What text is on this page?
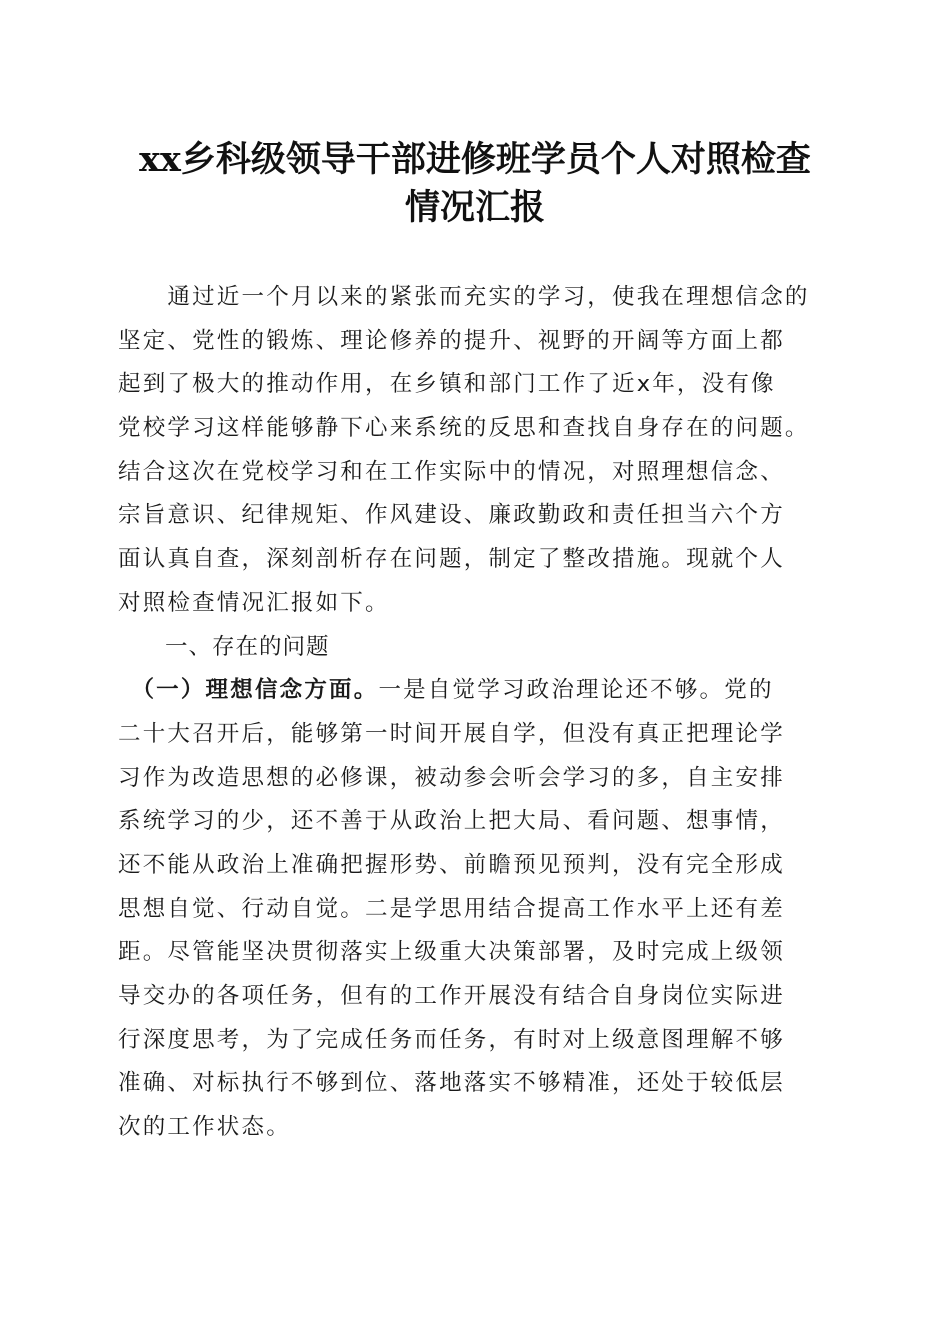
xx乡科级领导干部进修班学员个人对照检查
情况汇报
　　通过近一个月以来的紧张而充实的学习，使我在理想信念的
坚定、党性的锻炼、理论修养的提升、视野的开阔等方面上都
起到了极大的推动作用，在乡镇和部门工作了近x年，没有像
党校学习这样能够静下心来系统的反思和查找自身存在的问题。
结合这次在党校学习和在工作实际中的情况，对照理想信念、
宗旨意识、纪律规矩、作风建设、廉政勤政和责任担当六个方
面认真自查，深刻剖析存在问题，制定了整改措施。现就个人
对照检查情况汇报如下。
　　一、存在的问题
　（一）理想信念方面。一是自觉学习政治理论还不够。党的
二十大召开后，能够第一时间开展自学，但没有真正把理论学
习作为改造思想的必修课，被动参会听会学习的多，自主安排
系统学习的少，还不善于从政治上把大局、看问题、想事情，
还不能从政治上准确把握形势、前瞻预见预判，没有完全形成
思想自觉、行动自觉。二是学思用结合提高工作水平上还有差
距。尽管能坚决贯彻落实上级重大决策部署，及时完成上级领
导交办的各项任务，但有的工作开展没有结合自身岗位实际进
行深度思考，为了完成任务而任务，有时对上级意图理解不够
准确、对标执行不够到位、落地落实不够精准，还处于较低层
次的工作状态。
